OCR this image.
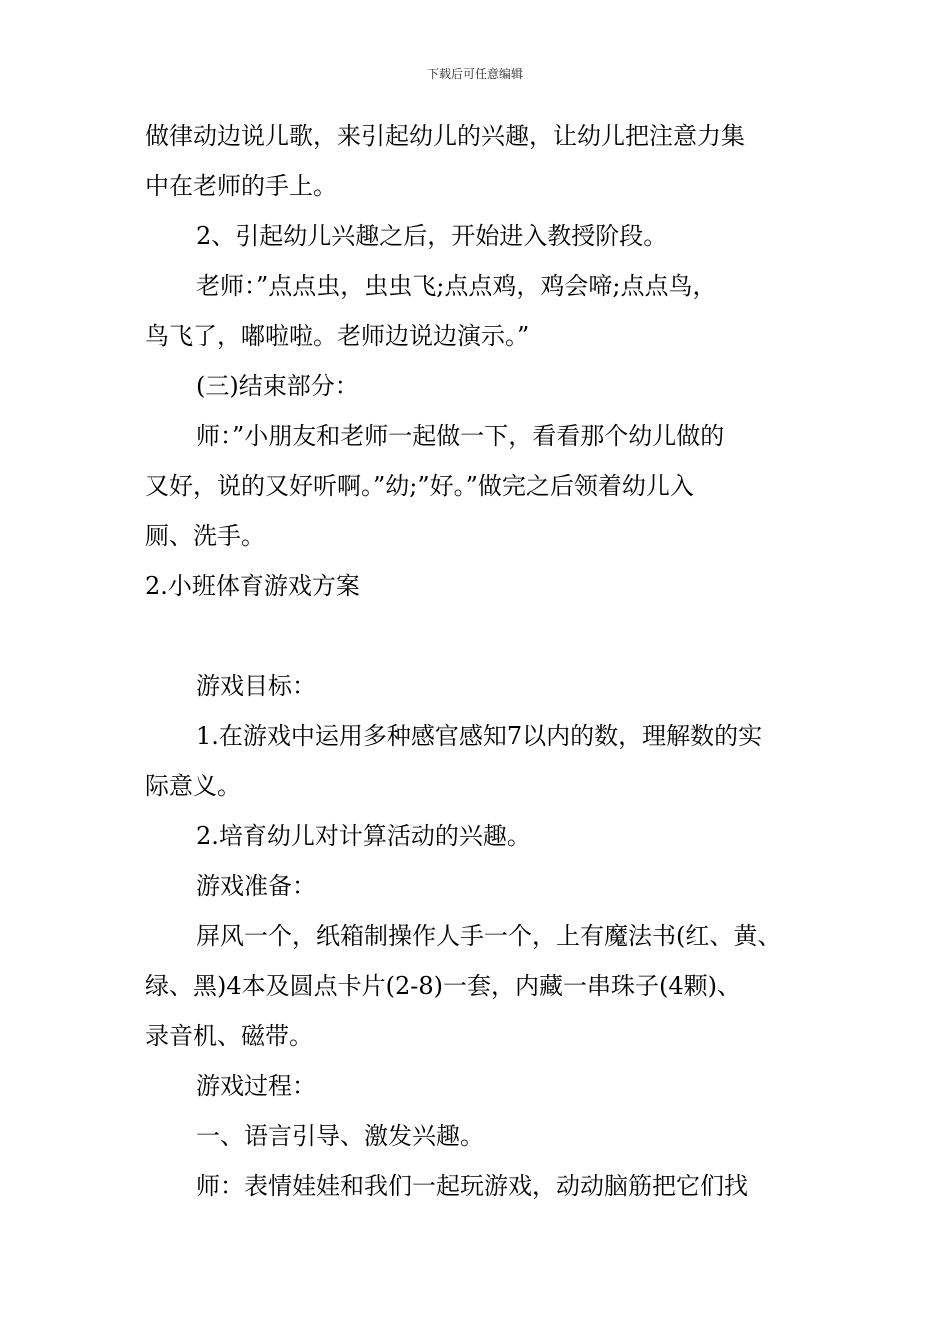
下载后可任意编辑
做律动边说儿歌，来引起幼儿的兴趣，让幼儿把注意力集
中在老师的手上。
2、引起幼儿兴趣之后，开始进入教授阶段。
老师：”点点虫，虫虫飞;点点鸡，鸡会啼;点点鸟，
鸟飞了，嘟啦啦。老师边说边演示。”
(三)结束部分：
师：”小朋友和老师一起做一下，看看那个幼儿做的
又好，说的又好听啊。”幼;”好。”做完之后领着幼儿入
厕、洗手。
2.小班体育游戏方案
游戏目标：
1.在游戏中运用多种感官感知7以内的数，理解数的实
际意义。
2.培育幼儿对计算活动的兴趣。
游戏准备：
屏风一个，纸箱制操作人手一个，上有魔法书(红、黄、
绿、黑)4本及圆点卡片(2-8)一套，内藏一串珠子(4颗)、
录音机、磁带。
游戏过程：
一、语言引导、激发兴趣。
师：表情娃娃和我们一起玩游戏，动动脑筋把它们找
